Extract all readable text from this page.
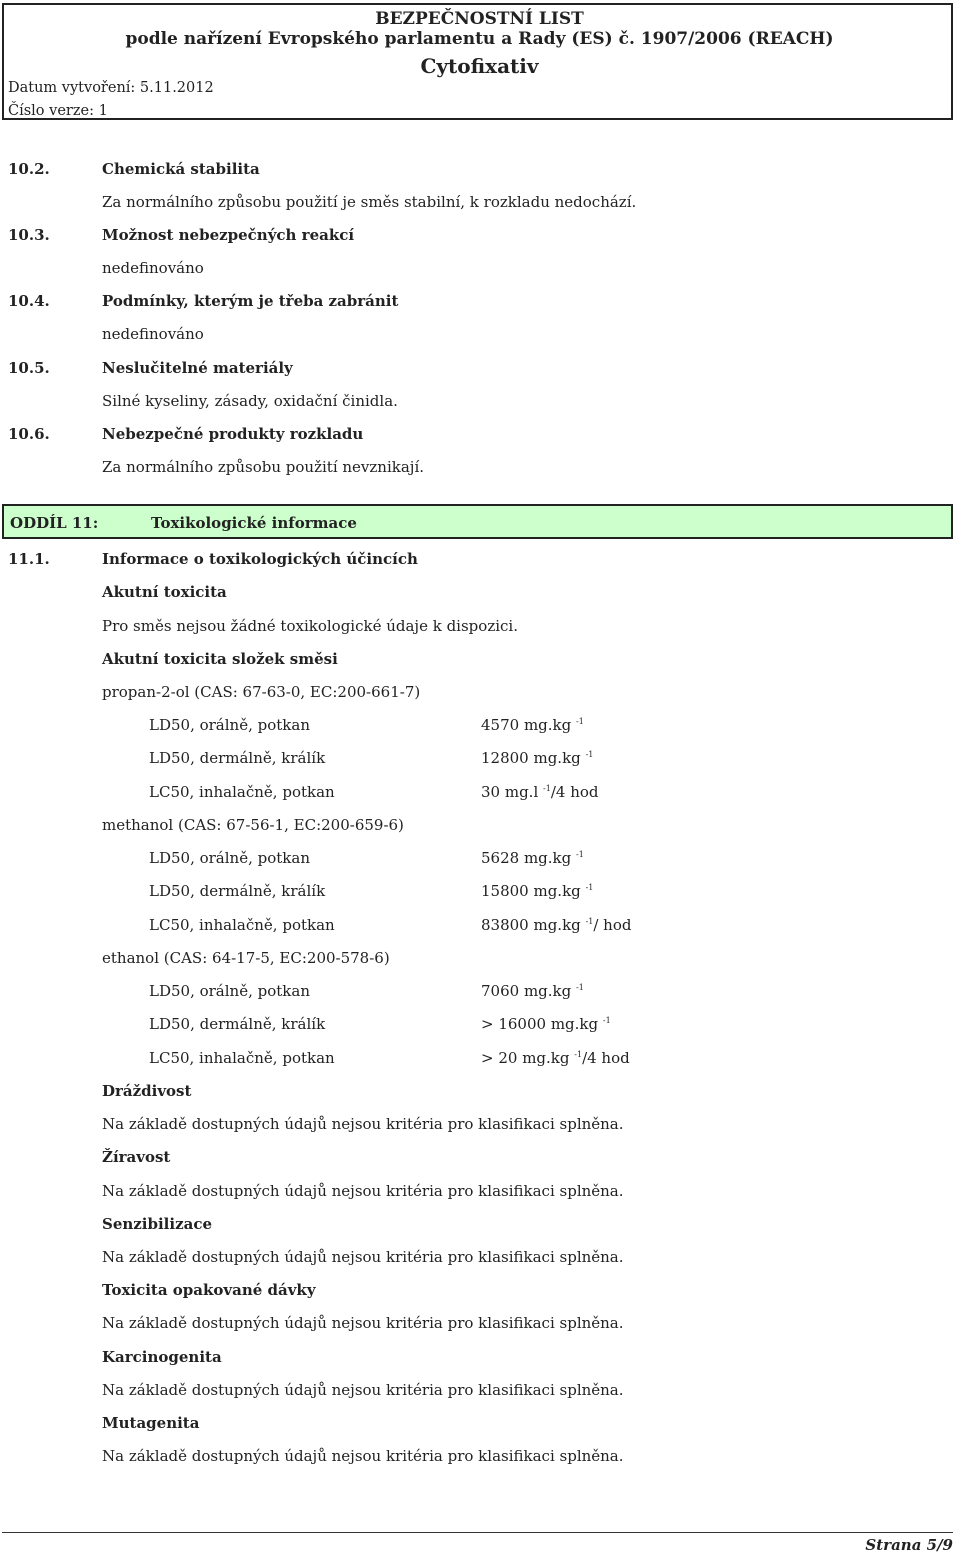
BEZPEČNOSTNÍ LIST
podle nařízení Evropského parlamentu a Rady (ES) č. 1907/2006 (REACH)
Cytofixativ
Datum vytvoření: 5.11.2012
Číslo verze: 1
10.2.	Chemická stabilita
Za normálního způsobu použití je směs stabilní, k rozkladu nedochází.
10.3.	Možnost nebezpečných reakcí
nedefinováno
10.4.	Podmínky, kterým je třeba zabránit
nedefinováno
10.5.	Neslučitelné materiály
Silné kyseliny, zásady, oxidační činidla.
10.6.	Nebezpečné produkty rozkladu
Za normálního způsobu použití nevznikají.
ODDÍL 11:	Toxikologické informace
11.1.	Informace o toxikologických účincích
Akutní toxicita
Pro směs nejsou žádné toxikologické údaje k dispozici.
Akutní toxicita složek směsi
propan-2-ol (CAS: 67-63-0, EC:200-661-7)
LD50, orálně, potkan	4570 mg.kg $^{-1}$
LD50, dermálně, králík	12800 mg.kg $^{-1}$
LC50, inhalačně, potkan	30 mg.l $^{-1}$/4 hod
methanol (CAS: 67-56-1, EC:200-659-6)
LD50, orálně, potkan	5628 mg.kg $^{-1}$
LD50, dermálně, králík	15800 mg.kg $^{-1}$
LC50, inhalačně, potkan	83800 mg.kg $^{-1}$/ hod
ethanol (CAS: 64-17-5, EC:200-578-6)
LD50, orálně, potkan	7060 mg.kg $^{-1}$
LD50, dermálně, králík	> 16000 mg.kg $^{-1}$
LC50, inhalačně, potkan	> 20 mg.kg $^{-1}$/4 hod
Dráždivost
Na základě dostupných údajů nejsou kritéria pro klasifikaci splněna.
Žíravost
Na základě dostupných údajů nejsou kritéria pro klasifikaci splněna.
Senzibilizace
Na základě dostupných údajů nejsou kritéria pro klasifikaci splněna.
Toxicita opakované dávky
Na základě dostupných údajů nejsou kritéria pro klasifikaci splněna.
Karcinogenita
Na základě dostupných údajů nejsou kritéria pro klasifikaci splněna.
Mutagenita
Na základě dostupných údajů nejsou kritéria pro klasifikaci splněna.
Strana 5/9
